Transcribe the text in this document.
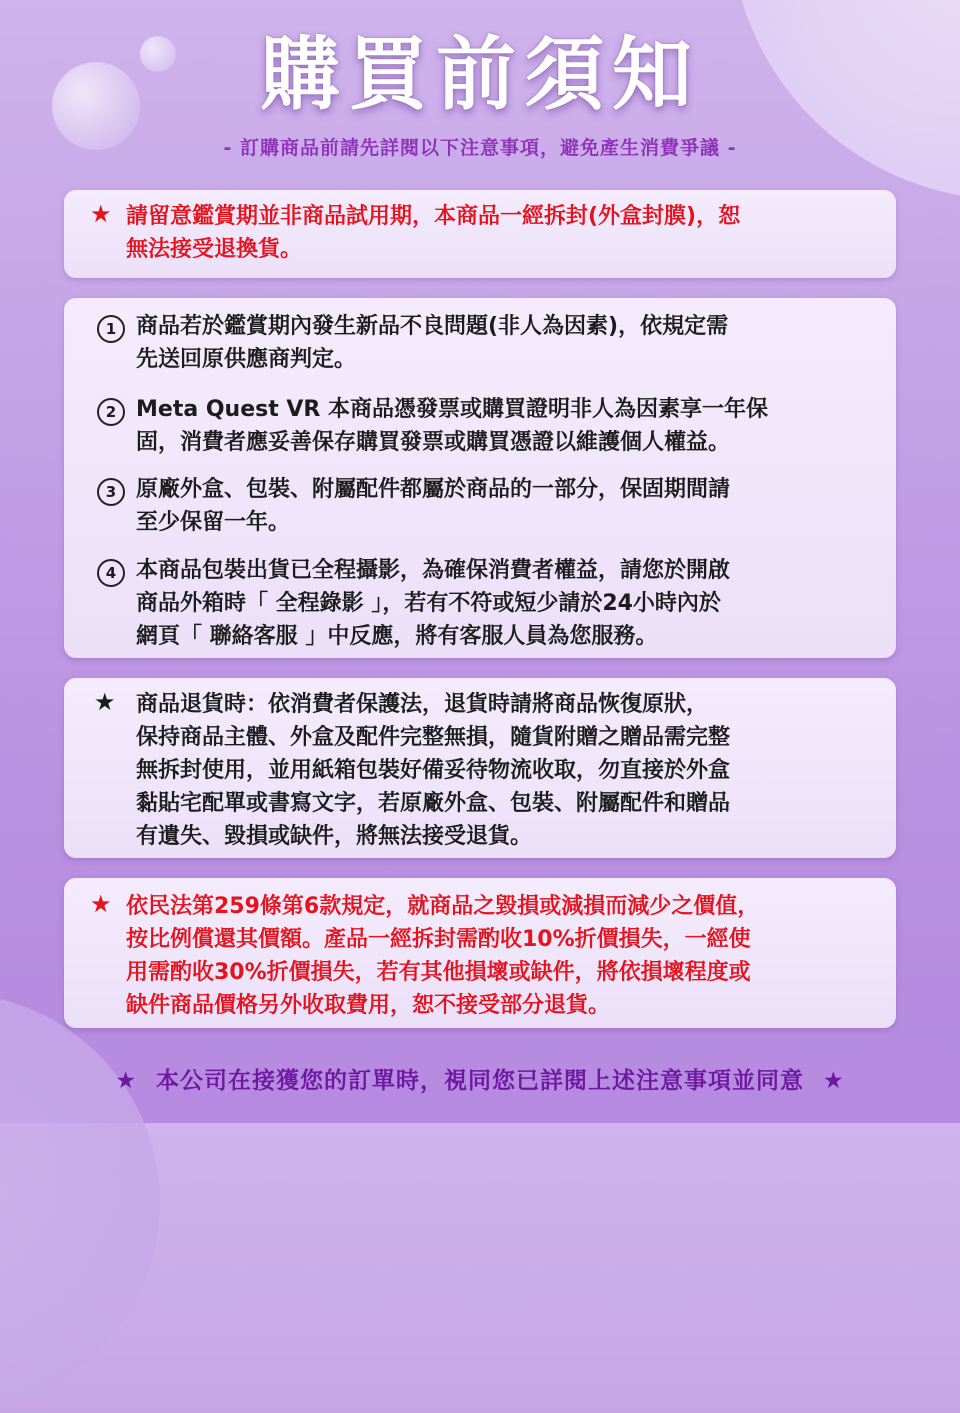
購買前須知
- 訂購商品前請先詳閱以下注意事項，避免產生消費爭議 -
★ 請留意鑑賞期並非商品試用期，本商品一經拆封(外盒封膜)，恕
無法接受退換貨。
1 商品若於鑑賞期內發生新品不良問題(非人為因素)，依規定需
先送回原供應商判定。
2 Meta Quest VR 本商品憑發票或購買證明非人為因素享一年保
固，消費者應妥善保存購買發票或購買憑證以維護個人權益。
3 原廠外盒、包裝、附屬配件都屬於商品的一部分，保固期間請
至少保留一年。
4 本商品包裝出貨已全程攝影，為確保消費者權益，請您於開啟
商品外箱時「 全程錄影 」，若有不符或短少請於24小時內於
網頁「 聯絡客服 」中反應，將有客服人員為您服務。
★ 商品退貨時：依消費者保護法，退貨時請將商品恢復原狀，
保持商品主體、外盒及配件完整無損，隨貨附贈之贈品需完整
無拆封使用，並用紙箱包裝好備妥待物流收取，勿直接於外盒
黏貼宅配單或書寫文字，若原廠外盒、包裝、附屬配件和贈品
有遺失、毀損或缺件，將無法接受退貨。
★ 依民法第259條第6款規定，就商品之毀損或減損而減少之價值，
按比例償還其價額。產品一經拆封需酌收10%折價損失，一經使
用需酌收30%折價損失，若有其他損壞或缺件，將依損壞程度或
缺件商品價格另外收取費用，恕不接受部分退貨。
★ 本公司在接獲您的訂單時，視同您已詳閱上述注意事項並同意 ★
